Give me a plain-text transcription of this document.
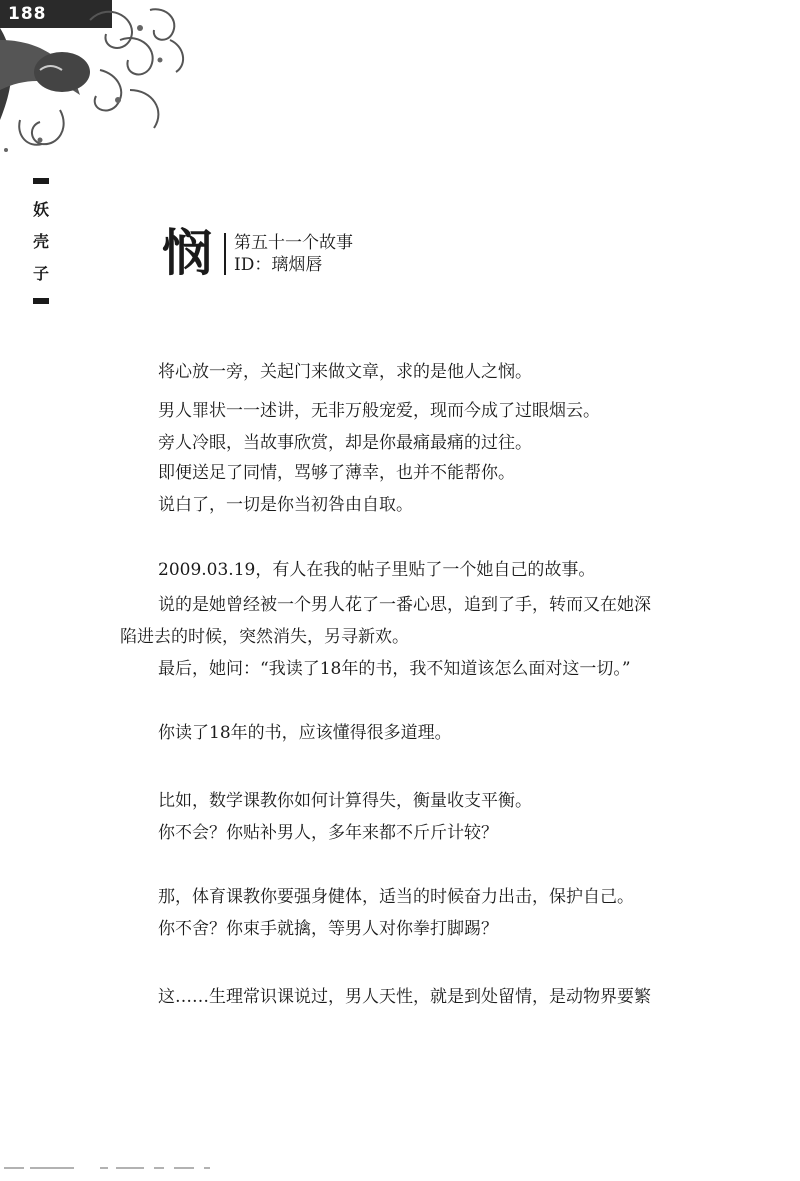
188
妖
壳
子 悯 第五十一个故事
ID：璃烟唇
将心放一旁，关起门来做文章，求的是他人之悯。
男人罪状一一述讲，无非万般宠爱，现而今成了过眼烟云。
旁人冷眼，当故事欣赏，却是你最痛最痛的过往。
即便送足了同情，骂够了薄幸，也并不能帮你。
说白了，一切是你当初咎由自取。
2009.03.19，有人在我的帖子里贴了一个她自己的故事。
说的是她曾经被一个男人花了一番心思，追到了手，转而又在她深
陷进去的时候，突然消失，另寻新欢。
最后，她问：“我读了18年的书，我不知道该怎么面对这一切。”
你读了18年的书，应该懂得很多道理。
比如，数学课教你如何计算得失，衡量收支平衡。
你不会？你贴补男人，多年来都不斤斤计较？
那，体育课教你要强身健体，适当的时候奋力出击，保护自己。
你不舍？你束手就擒，等男人对你拳打脚踢？
这……生理常识课说过，男人天性，就是到处留情，是动物界要繁
